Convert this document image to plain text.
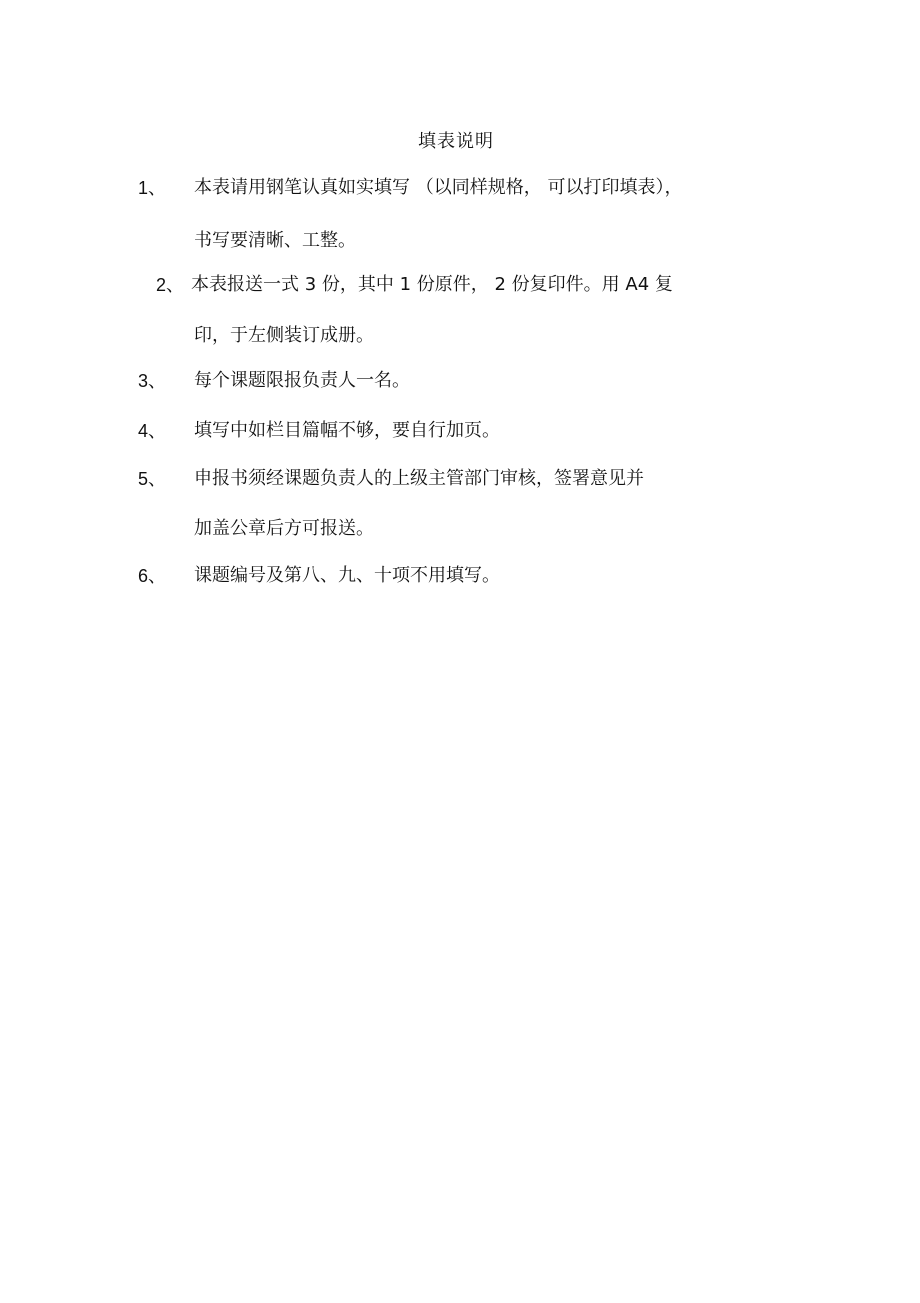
填表说明
1、 本表请用钢笔认真如实填写 （以同样规格， 可以打印填表），
书写要清晰、工整。
2、 本表报送一式 3 份，其中 1 份原件， 2 份复印件。用 A4 复
印，于左侧装订成册。
3、 每个课题限报负责人一名。
4、 填写中如栏目篇幅不够，要自行加页。
5、 申报书须经课题负责人的上级主管部门审核，签署意见并
加盖公章后方可报送。
6、 课题编号及第八、九、十项不用填写。
